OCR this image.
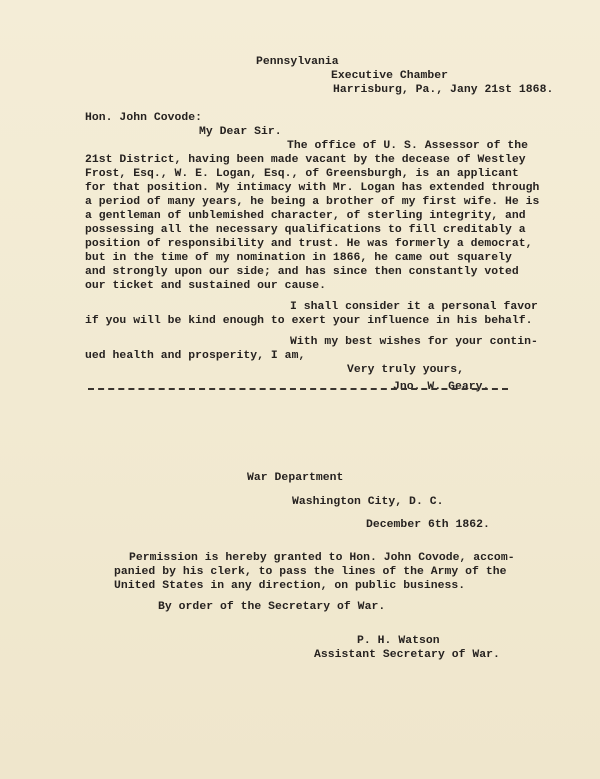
Pennsylvania
Executive Chamber
Harrisburg, Pa., Jany 21st 1868.
Hon. John Covode:
My Dear Sir.
The office of U. S. Assessor of the
21st District, having been made vacant by the decease of Westley
Frost, Esq., W. E. Logan, Esq., of Greensburgh, is an applicant
for that position. My intimacy with Mr. Logan has extended through
a period of many years, he being a brother of my first wife. He is
a gentleman of unblemished character, of sterling integrity, and
possessing all the necessary qualifications to fill creditably a
position of responsibility and trust. He was formerly a democrat,
but in the time of my nomination in 1866, he came out squarely
and strongly upon our side; and has since then constantly voted
our ticket and sustained our cause.
I shall consider it a personal favor
if you will be kind enough to exert your influence in his behalf.
With my best wishes for your contin-
ued health and prosperity, I am,
Very truly yours,
Jno. W. Geary.
War Department
Washington City, D. C.
December 6th 1862.
Permission is hereby granted to Hon. John Covode, accom-
panied by his clerk, to pass the lines of the Army of the
United States in any direction, on public business.
By order of the Secretary of War.
P. H. Watson
Assistant Secretary of War.
